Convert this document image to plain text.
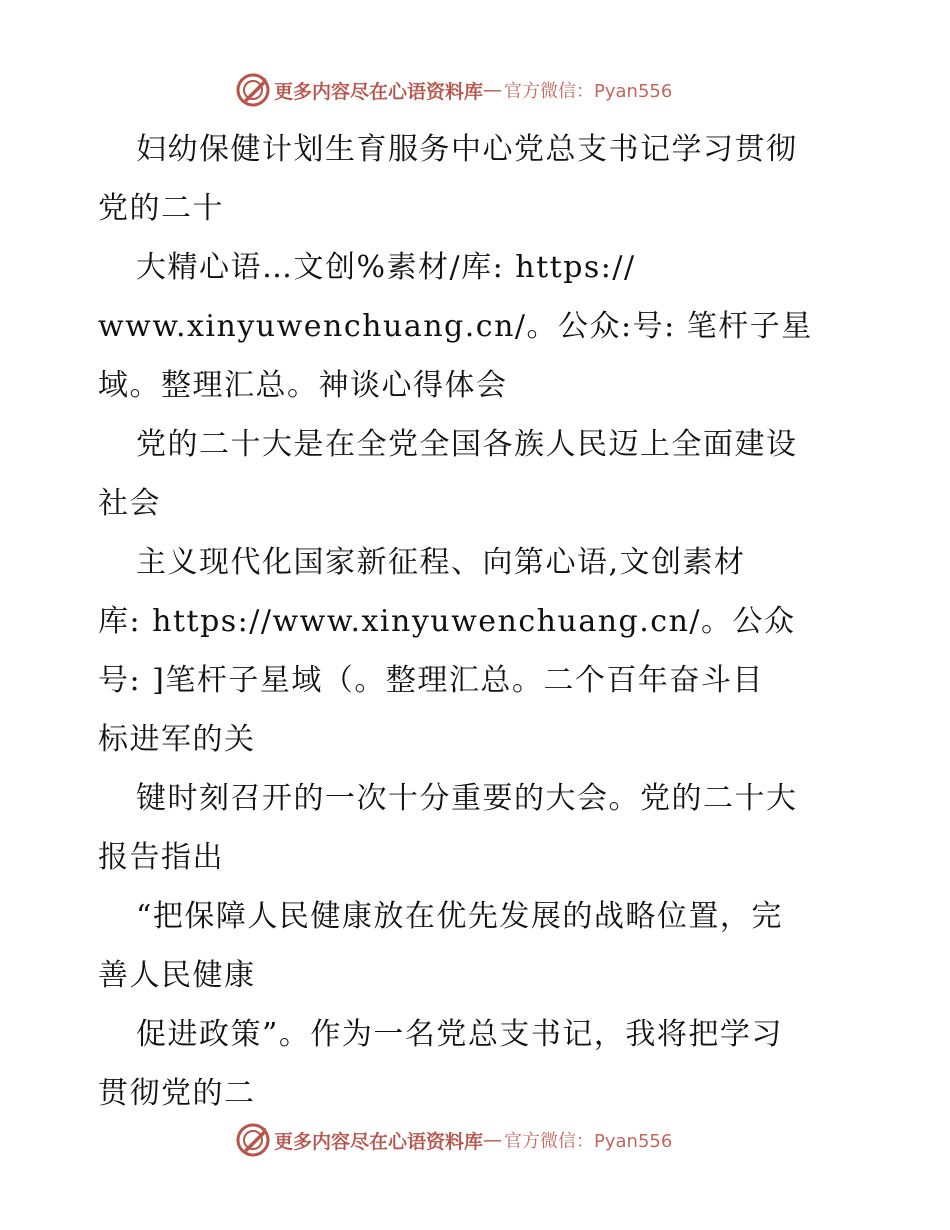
更多内容尽在心语资料库 — 官方微信：Pyan556
妇幼保健计划生育服务中心党总支书记学习贯彻
党的二十
大精心语…文创%素材/库: https://
www.xinyuwenchuang.cn/。公众:号: 笔杆子星
域。整理汇总。神谈心得体会
党的二十大是在全党全国各族人民迈上全面建设
社会
主义现代化国家新征程、向第心语,文创素材
库: https://www.xinyuwenchuang.cn/。公众
号: ]笔杆子星域（。整理汇总。二个百年奋斗目
标进军的关
键时刻召开的一次十分重要的大会。党的二十大
报告指出
“把保障人民健康放在优先发展的战略位置，完
善人民健康
促进政策”。作为一名党总支书记，我将把学习
贯彻党的二
更多内容尽在心语资料库 — 官方微信：Pyan556
